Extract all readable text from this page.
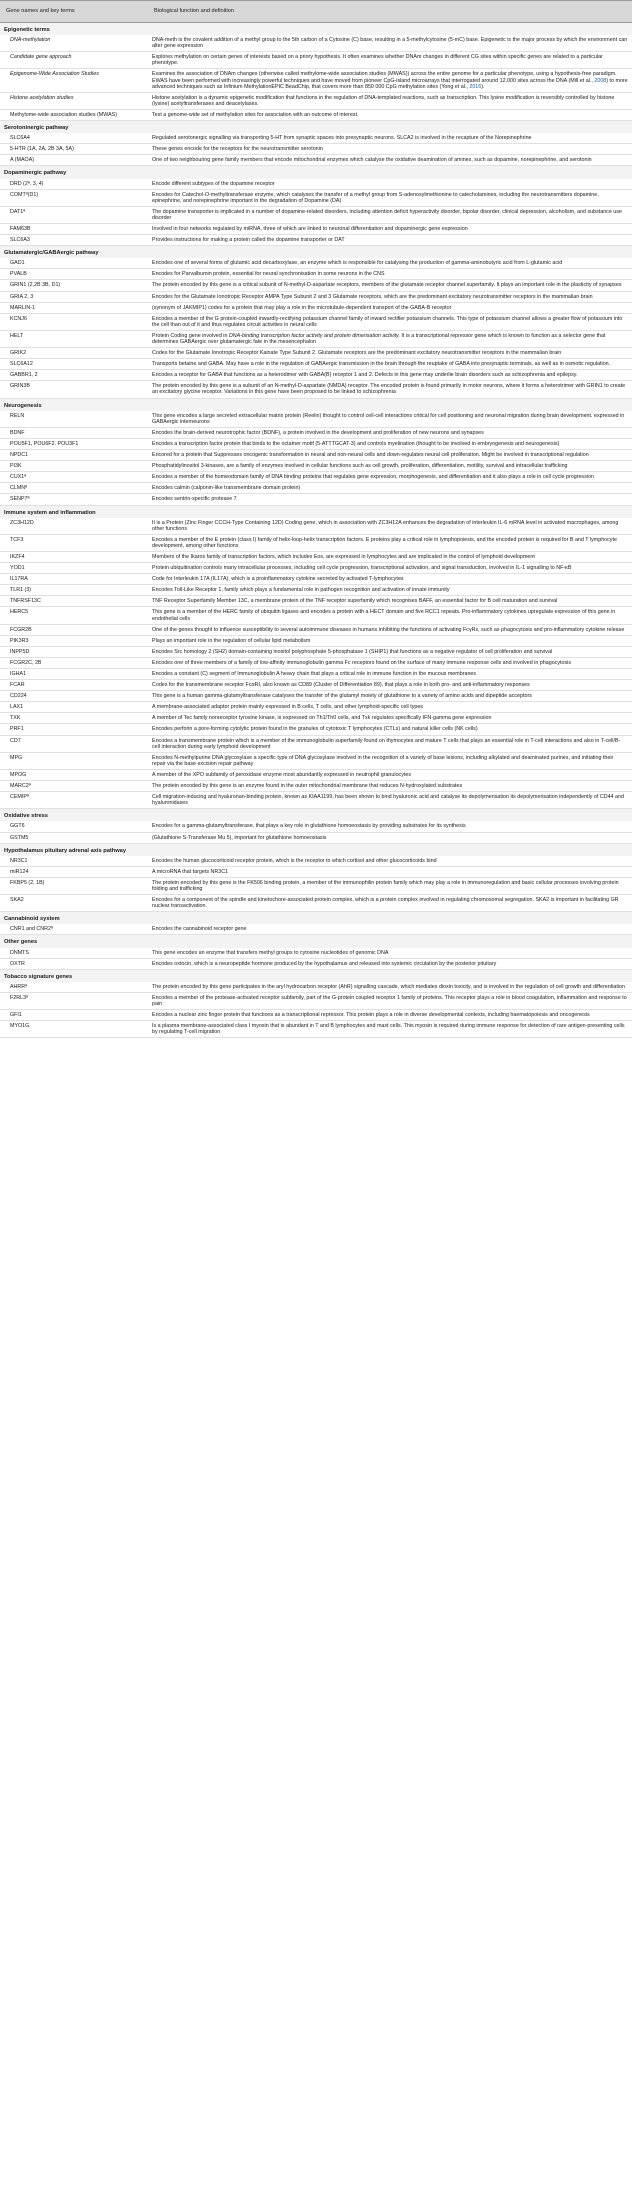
Gene names and key terms	Biological function and definition
Epigenetic terms	
DNA-methylation	DNA-meth is the covalent addition of a methyl group to the 5th carbon of a Cytosine (C) base, resulting in a 5-methylcytosine (5-mC) base. Epigenetic is the major process by which the environment can alter gene expression
Candidate gene approach	Explores methylation on certain genes of interests based on a priory hypothesis. It often examines whether DNAm changes in different CG sites within specific genes are related to a particular phenotype.
Epigenome-Wide Association Studies	Examines the association of DNAm changes (otherwise called methylome-wide association studies (MWAS)) across the entire genome for a particular phenotype, using a hypothesis-free paradigm. EWAS have been performed with increasingly powerful techniques and have moved from pioneer CpG-island microarrays that interrogated around 12.000 sites across the DNA (Mill et al., 2008) to more advanced techniques such as Infinium MethylationEPIC BeadChip, that covers more than 850 000 CpG methylation sites (Yong et al., 2016).
Histone acetylation studies	Histone acetylation is a dynamic epigenetic modification that functions in the regulation of DNA-templated reactions, such as transcription. This lysine modification is reversibly controlled by histone (lysine) acetyltransferases and deacetylases.
Methylome-wide association studies (MWAS)	Test a genome-wide set of methylation sites for association with an outcome of interest.
Serotoninergic pathway	
SLC6A4	Regulated serotonergic signalling via transporting 5-HT from synaptic spaces into presynaptic neurons. SLCA2 is involved in the recapture of the Norepinephrine
5-HTR (1A, 2A, 2B 3A, 5A)	These genes encode for the receptors for the neurotransmitter serotonin
A (MAOA)	One of two neighbouring gene family members that encode mitochondrial enzymes which catalyse the oxidative deamination of amines, such as dopamine, norepinephrine, and serotonin
Dopaminergic pathway	
DRD (2ª, 3, 4)	Encode different subtypes of the dopamine receptor
COMTª(D1)	Encodes for Catechol-O-methyltransferase enzyme, which catalyses the transfer of a methyl group from S-adenosylmethionine to catecholamines, including the neurotransmitters dopamine, epinephrine, and norepinephrine important in the degradation of Dopamine (DA)
DAT1ª	The dopamine transporter is implicated in a number of dopamine-related disorders, including attention deficit hyperactivity disorder, bipolar disorder, clinical depression, alcoholism, and substance use disorder
FAM63B	Involved in four networks regulated by miRNA, three of which are linked to neuronal differentiation and dopaminergic gene expression
SLC6A3	Provides instructions for making a protein called the dopamine transporter or DAT
Glutamatergic/GABAergic pathway	
GAD1	Encodes one of several forms of glutamic acid decarboxylase, an enzyme which is responsible for catalysing the production of gamma-aminobutyric acid from L-glutamic acid
PVALB	Encodes for Parvalbumin protein, essential for neural synchronisation in some neurons in the CNS
GRIN1 (2,2B 3B, D1)	The protein encoded by this gene is a critical subunit of N-methyl-D-aspartate receptors, members of the glutamate receptor channel superfamily. It plays an important role in the plasticity of synapses
GRIA 2, 3	Encodes for the Glutamate Ionotropic Receptor AMPA Type Subunit 2 and 3 Glutamate receptors, which are the predominant excitatory neurotransmitter receptors in the mammalian brain
MARLIN-1	(synonym of JAKMIP1) codes for a protein that may play a role in the microtubule-dependent transport of the GABA-B receptor
KCNJ6	Encodes a member of the G protein-coupled inwardly-rectifying potassium channel family of inward rectifier potassium channels. This type of potassium channel allows a greater flow of potassium into the cell than out of it and thus regulates circuit activities in neural cells
HELT	Protein Coding gene involved in DNA-binding transcription factor activity and protein dimerisation activity. It is a transcriptional repressor gene which is known to function as a selector gene that determines GABAergic over glutamatergic fate in the mesencephalon
GRIK2	Codes for the Glutamate Ionotropic Receptor Kainate Type Subunit 2. Glutamate receptors are the predominant excitatory neurotransmitter receptors in the mammalian brain
SLC6A12	Transports betaine and GABA. May have a role in the regulation of GABAergic transmission in the brain through the reuptake of GABA into presynaptic terminals, as well as in osmotic regulation.
GABBR1, 2	Encodes a receptor for GABA that functions as a heterodimer with GABA(B) receptor 1 and 2. Defects in this gene may underlie brain disorders such as schizophrenia and epilepsy.
GRIN3B	The protein encoded by this gene is a subunit of an N-methyl-D-aspartate (NMDA) receptor. The encoded protein is found primarily in motor neurons, where it forms a heterotrimer with GRIN1 to create an excitatory glycine receptor. Variations in this gene have been proposed to be linked to schizophrenia
Neurogenesis	
RELN	This gene encodes a large secreted extracellular matrix protein (Reelin) thought to control cell-cell interactions critical for cell positioning and neuronal migration during brain development. expressed in GABAergic interneurons
BDNF	Encodes the brain-derived neurotrophic factor (BDNF), a protein involved in the development and proliferation of new neurons and synapses
POU5F1, POU6F2. POU3F1	Encodes a transcription factor protein that binds to the octamer motif (5-ATTTGCAT-3) and controls myelination (thought to be involved in embryogenesis and neurogenesis)
NPDC1	Encored for a protein that Suppresses oncogenic transformation in neural and non-neural cells and down-regulates neural cell proliferation. Might be involved in transcriptional regulation
PI3K	Phosphatidylinositol 3-kinases, are a family of enzymes involved in cellular functions such as cell growth, proliferation, differentiation, motility, survival and intracellular trafficking
CUX1ª	Encodes a member of the homeodomain family of DNA binding proteins that regulates gene expression, morphogenesis, and differentiation and it also plays a role in cell cycle progression
CLMNª	Encodes calmin (calponin-like transmembrane domain protein)
SENP7ª	Encodes sentrin-specific protease 7
Immune system and inflammation	
ZC3H12D	It is a Protein (Zinc Finger CCCH-Type Containing 12D) Coding gene, which in association with ZC3H12A enhances the degradation of interleukin IL-6 mRNA level in activated macrophages, among other functions
TCF3	Encodes a member of the E protein (class I) family of helix-loop-helix transcription factors. E proteins play a critical role in lymphopoiesis, and the encoded protein is required for B and T lymphocyte development, among other functions
IKZF4	Members of the Ikaros family of transcription factors, which includes Eos, are expressed in lymphocytes and are implicated in the control of lymphoid development
YOD1	Protein ubiquitination controls many intracellular processes, including cell cycle progression, transcriptional activation, and signal transduction, involved in IL-1 signalling to NF-κB
IL17RA	Code for Interleukin 17A (IL17A), which is a proinflammatory cytokine secreted by activated T-lymphocytes
TLR1 (3)	Encodes Toll-Like Receptor 1, family which plays a fundamental role in pathogen recognition and activation of innate immunity
TNFRSF13C	TNF Receptor Superfamily Member 13C, a membrane protein of the TNF receptor superfamily which recognises BAFF, an essential factor for B cell maturation and survival
HERC5	This gene is a member of the HERC family of ubiquitin ligases and encodes a protein with a HECT domain and five RCC1 repeats. Pro-inflammatory cytokines upregulate expression of this gene in endothelial cells
FCGR2B	One of the genes thought to influence susceptibility to several autoimmune diseases in humans inhibiting the functions of activating FcγRs, such as phagocytosis and pro-inflammatory cytokine release
PIK3R3	Plays an important role in the regulation of cellular lipid metabolism
INPP5D	Encodes Src homology 2 (SH2) domain-containing inositol polyphosphate 5-phosphatase 1 (SHIP1) that functions as a negative regulator of cell proliferation and survival
FCGR2C, 2B	Encodes one of three members of a family of low-affinity immunoglobulin gamma Fc receptors found on the surface of many immune response cells and involved in phagocytosis
IGHA1	Encodes a constant (C) segment of Immunoglobulin A heavy chain that plays a critical role in immune function in the mucous membranes
FCAR	Codes for the transmembrane receptor FcαRI, also known as CD89 (Cluster of Differentiation 89), that plays a role in both pro- and anti-inflammatory responses
CD224	This gene is a human gamma-glutamyltransferase catalyses the transfer of the glutamyl moiety of glutathione to a variety of amino acids and dipeptide acceptors
LAX1	A membrane-associated adaptor protein mainly expressed in B cells, T cells, and other lymphoid-specific cell types
TXK	A member of Tec family nonreceptor tyrosine kinase, is expressed on Th1/Th0 cells, and Txk regulates specifically IFN-gamma gene expression
PRF1	Encodes perforin a pore-forming cytolytic protein found in the granules of cytotoxic T lymphocytes (CTLs) and natural killer cells (NK cells)
CD7	Encodes a transmembrane protein which is a member of the immunoglobulin superfamily found on thymocytes and mature T cells that plays an essential role in T-cell interactions and also in T-cell/B-cell interaction during early lymphoid development
MPG	Encodes N-methylpurine DNA glycosylase a specific type of DNA glycosylase involved in the recognition of a variety of base lesions, including alkylated and deaminated purines, and initiating their repair via the base excision repair pathway
MPOG	A member of the XPO subfamily of peroxidase enzyme most abundantly expressed in neutrophil granulocytes
MARC2ª	The protein encoded by this gene is an enzyme found in the outer mitochondrial membrane that reduces N-hydroxylated substrates
CEMIPª	Cell migration-inducing and hyaluronan-binding protein, known as KIAA1199, has been shown to bind hyaluronic acid and catalyse its depolymerisation its depolymerisation independently of CD44 and hyaluronidases
Oxidative stress	
GGT6	Encodes for a gamma-glutamyltransferase, that plays a key role in glutathione homoeostasis by providing substrates for its synthesis
GSTM5	(Glutathione S-Transferase Mu 5), important for glutathione homoeostasis
Hypothalamus pituitary adrenal axis pathway	
NR3C1	Encodes the human glucocorticoid receptor protein, which is the receptor to which cortisol and other glucocorticoids bind
miR124	A microRNA that targets NR3C1
FKBP5 (2, 1B)	The protein encoded by this gene is the FK506 binding protein, a member of the immunophilin protein family which may play a role in immunoregulation and basic cellular processes involving protein folding and trafficking
SKA2	Encodes for a component of the spindle and kinetochore-associated protein complex, which is a protein complex involved in regulating chromosomal segregation. SKA2 is important in facilitating GR nuclear transactivation.
Cannabinoid system	
CNR1 and CNR2ª	Encodes the cannabinoid receptor gene
Other genes	
DNMTS	This gene encodes an enzyme that transfers methyl groups to cytosine nucleotides of genomic DNA
OXTR	Encodes oxtocin, which is a neuropeptide hormone produced by the hypothalamus and released into systemic circulation by the posterior pituitary
Tobacco signature genes	
AHRRª	The protein encoded by this gene participates in the aryl hydrocarbon receptor (AhR) signalling cascade, which mediates dioxin toxicity, and is involved in the regulation of cell growth and differentiation
F2RL3ª	Encodes a member of the protease-activated receptor subfamily, part of the G-protein coupled receptor 1 family of proteins. This receptor plays a role in blood coagulation, inflammation and response to pain
GFI1	Encodes a nuclear zinc finger protein that functions as a transcriptional repressor. This protein plays a role in diverse developmental contexts, including haematopoiesis and oncogenesis
MYO1G	Is a plasma membrane-associated class I myosin that is abundant in T and B lymphocytes and mast cells. This myosin is required during immune response for detection of rare antigen-presenting cells by regulating T-cell migration
